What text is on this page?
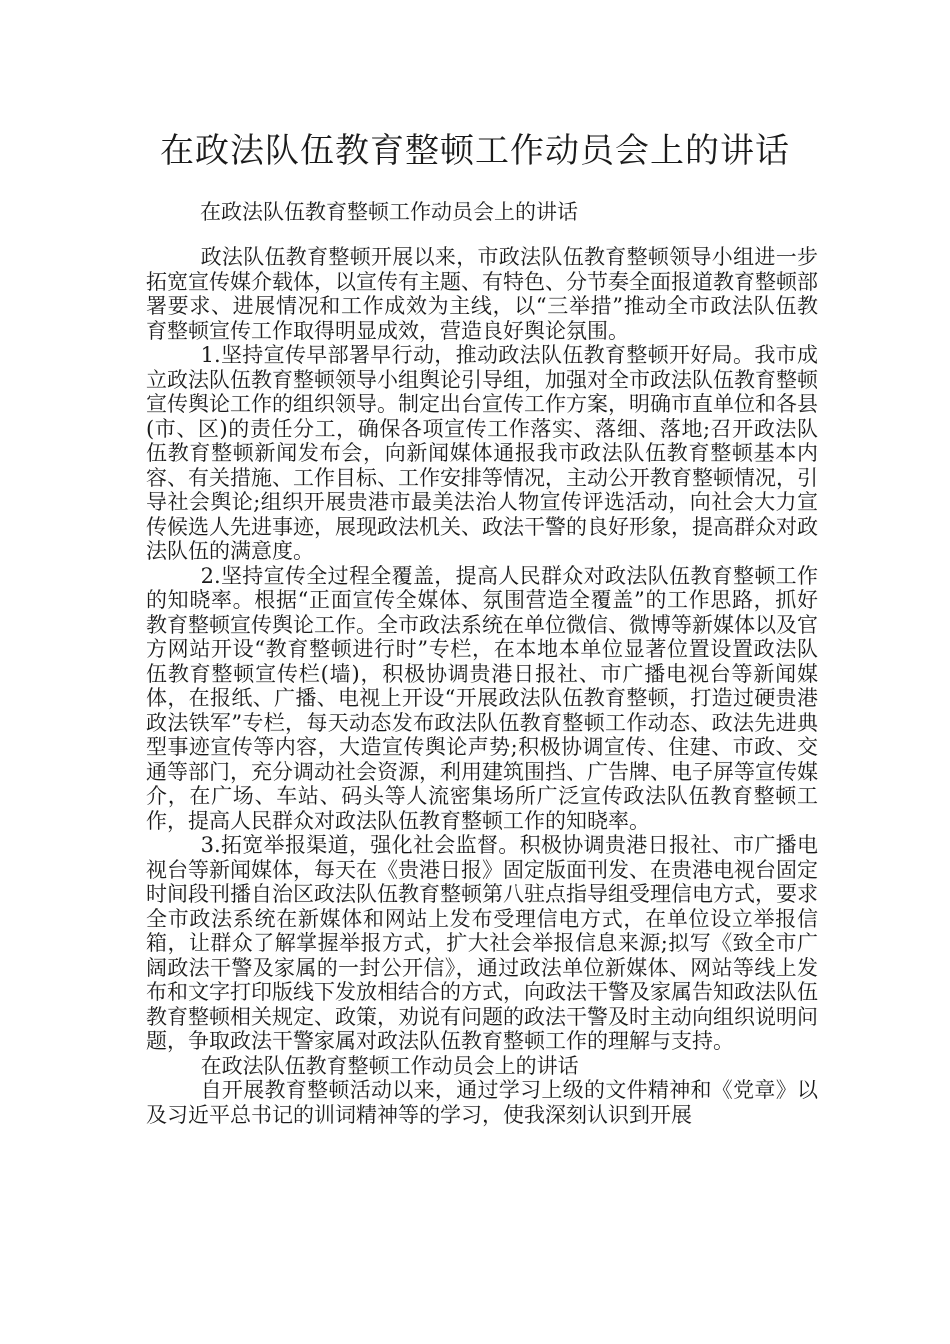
在政法队伍教育整顿工作动员会上的讲话

在政法队伍教育整顿工作动员会上的讲话

政法队伍教育整顿开展以来，市政法队伍教育整顿领导小组进一步拓宽宣传媒介载体，以宣传有主题、有特色、分节奏全面报道教育整顿部署要求、进展情况和工作成效为主线，以“三举措”推动全市政法队伍教育整顿宣传工作取得明显成效，营造良好舆论氛围。

1.坚持宣传早部署早行动，推动政法队伍教育整顿开好局。我市成立政法队伍教育整顿领导小组舆论引导组，加强对全市政法队伍教育整顿宣传舆论工作的组织领导。制定出台宣传工作方案，明确市直单位和各县(市、区)的责任分工，确保各项宣传工作落实、落细、落地;召开政法队伍教育整顿新闻发布会，向新闻媒体通报我市政法队伍教育整顿基本内容、有关措施、工作目标、工作安排等情况，主动公开教育整顿情况，引导社会舆论;组织开展贵港市最美法治人物宣传评选活动，向社会大力宣传候选人先进事迹，展现政法机关、政法干警的良好形象，提高群众对政法队伍的满意度。

2.坚持宣传全过程全覆盖，提高人民群众对政法队伍教育整顿工作的知晓率。根据“正面宣传全媒体、氛围营造全覆盖”的工作思路，抓好教育整顿宣传舆论工作。全市政法系统在单位微信、微博等新媒体以及官方网站开设“教育整顿进行时”专栏，在本地本单位显著位置设置政法队伍教育整顿宣传栏(墙)，积极协调贵港日报社、市广播电视台等新闻媒体，在报纸、广播、电视上开设“开展政法队伍教育整顿，打造过硬贵港政法铁军”专栏，每天动态发布政法队伍教育整顿工作动态、政法先进典型事迹宣传等内容，大造宣传舆论声势;积极协调宣传、住建、市政、交通等部门，充分调动社会资源，利用建筑围挡、广告牌、电子屏等宣传媒介，在广场、车站、码头等人流密集场所广泛宣传政法队伍教育整顿工作，提高人民群众对政法队伍教育整顿工作的知晓率。

3.拓宽举报渠道，强化社会监督。积极协调贵港日报社、市广播电视台等新闻媒体，每天在《贵港日报》固定版面刊发、在贵港电视台固定时间段刊播自治区政法队伍教育整顿第八驻点指导组受理信电方式，要求全市政法系统在新媒体和网站上发布受理信电方式，在单位设立举报信箱，让群众了解掌握举报方式，扩大社会举报信息来源;拟写《致全市广阔政法干警及家属的一封公开信》，通过政法单位新媒体、网站等线上发布和文字打印版线下发放相结合的方式，向政法干警及家属告知政法队伍教育整顿相关规定、政策，劝说有问题的政法干警及时主动向组织说明问题，争取政法干警家属对政法队伍教育整顿工作的理解与支持。

在政法队伍教育整顿工作动员会上的讲话

自开展教育整顿活动以来，通过学习上级的文件精神和《党章》以及习近平总书记的训词精神等的学习，使我深刻认识到开展
